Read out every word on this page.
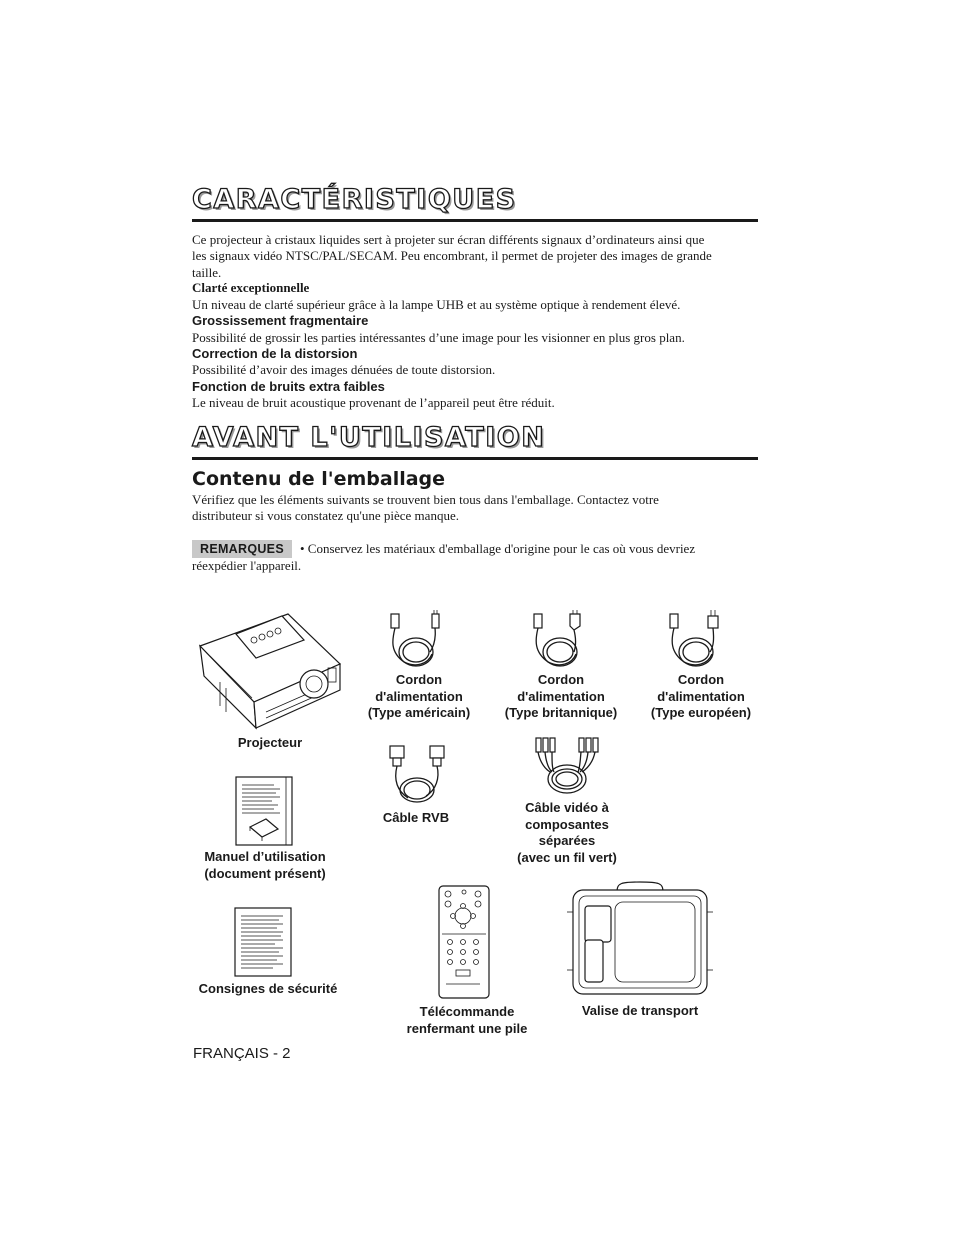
CARACTÉRISTIQUES
Ce projecteur à cristaux liquides sert à projeter sur écran différents signaux d’ordinateurs ainsi que
les signaux vidéo NTSC/PAL/SECAM. Peu encombrant, il permet de projeter des images de grande
taille.
Clarté exceptionnelle
Un niveau de clarté supérieur grâce à la lampe UHB et au système optique à rendement élevé.
Grossissement fragmentaire
Possibilité de grossir les parties intéressantes d’une image pour les visionner en plus gros plan.
Correction de la distorsion
Possibilité d’avoir des images dénuées de toute distorsion.
Fonction de bruits extra faibles
Le niveau de bruit acoustique provenant de l’appareil peut être réduit.
AVANT L'UTILISATION
Contenu de l'emballage
Vérifiez que les éléments suivants se trouvent bien tous dans l'emballage. Contactez votre
distributeur si vous constatez qu'une pièce manque.
REMARQUES • Conservez les matériaux d'emballage d'origine pour le cas où vous devriez
réexpédier l'appareil.
Projecteur
Cordon
d'alimentation
(Type américain)
Cordon
d'alimentation
(Type britannique)
Cordon
d'alimentation
(Type européen)
Câble RVB
Câble vidéo à
composantes
séparées
(avec un fil vert)
Manuel d’utilisation
(document présent)
Consignes de sécurité
Télécommande
renfermant une pile
Valise de transport
FRANÇAIS - 2
